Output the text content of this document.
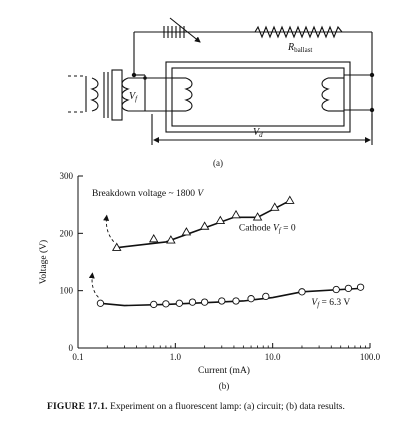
$R_{ballast}$
$V_f$
$V_d$
(a)
0
100
200
300
0.1	1.0	10.0	100.0
Cathode $V_f = 0$
$V_f = 6.3$ V
Voltage (V)
Current (mA)
Breakdown voltage ~ 1800 V
(b)
FIGURE 17.1. Experiment on a fluorescent lamp: (a) circuit; (b) data results.
